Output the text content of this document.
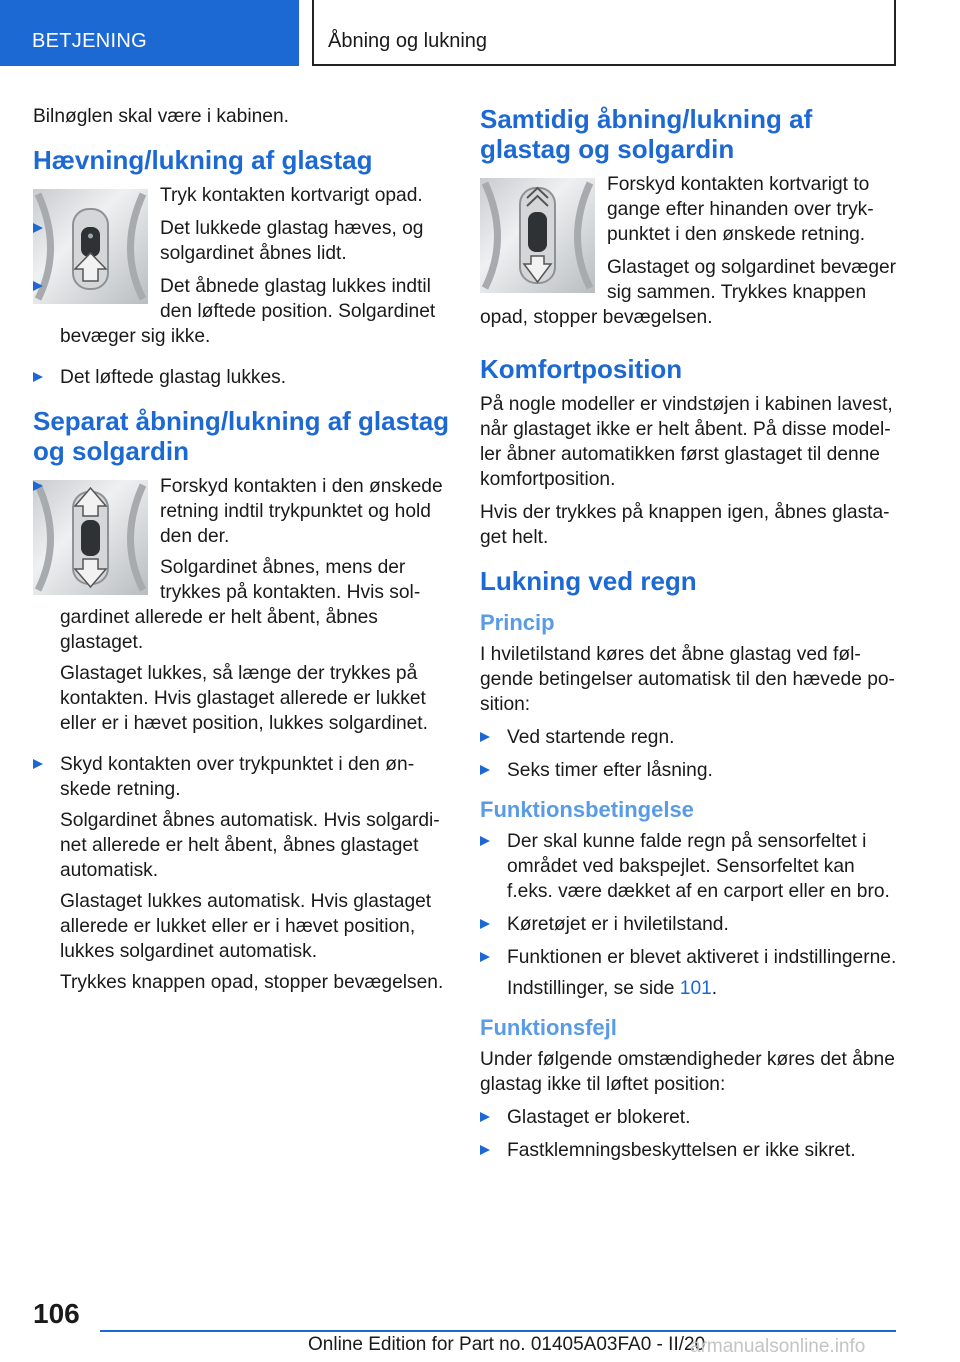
BETJENING	Åbning og lukning

Bilnøglen skal være i kabinen.

Hævning/lukning af glastag

Tryk kontakten kortvarigt opad.

Det lukkede glastag hæves, og solgardinet åbnes lidt.
Det åbnede glastag lukkes indtil den løftede position. Solgardinet bevæger sig ikke.
Det løftede glastag lukkes.
Separat åbning/lukning af glastag og solgardin
Forskyd kontakten i den ønskede retning indtil trykpunktet og hold den der.

Solgardinet åbnes, mens der trykkes på kontakten. Hvis solgardinet allerede er helt åbent, åbnes glastaget.

Glastaget lukkes, så længe der trykkes på kontakten. Hvis glastaget allerede er lukket eller er i hævet position, lukkes solgardinet.

Skyd kontakten over trykpunktet i den ønskede retning.

Solgardinet åbnes automatisk. Hvis solgardinet allerede er helt åbent, åbnes glastaget automatisk.

Glastaget lukkes automatisk. Hvis glastaget allerede er lukket eller er i hævet position, lukkes solgardinet automatisk.

Trykkes knappen opad, stopper bevægelsen.

Samtidig åbning/lukning af glastag og solgardin

Forskyd kontakten kortvarigt to gange efter hinanden over trykpunktet i den ønskede retning.

Glastaget og solgardinet bevæger sig sammen. Trykkes knappen opad, stopper bevægelsen.

Komfortposition

På nogle modeller er vindstøjen i kabinen lavest, når glastaget ikke er helt åbent. På disse modeller åbner automatikken først glastaget til denne komfortposition.

Hvis der trykkes på knappen igen, åbnes glastaget helt.

Lukning ved regn
Princip

I hviletilstand køres det åbne glastag ved følgende betingelser automatisk til den hævede position:

Ved startende regn.
Seks timer efter låsning.
Funktionsbetingelse
Der skal kunne falde regn på sensorfeltet i området ved bakspejlet. Sensorfeltet kan f.eks. være dækket af en carport eller en bro.
Køretøjet er i hviletilstand.
Funktionen er blevet aktiveret i indstillingerne.

Indstillinger, se side 101.

Funktionsfejl

Under følgende omstændigheder køres det åbne glastag ikke til løftet position:

Glastaget er blokeret.
Fastklemningsbeskyttelsen er ikke sikret.
106
Online Edition for Part no. 01405A03FA0 - II/20
armanualsonline.info
